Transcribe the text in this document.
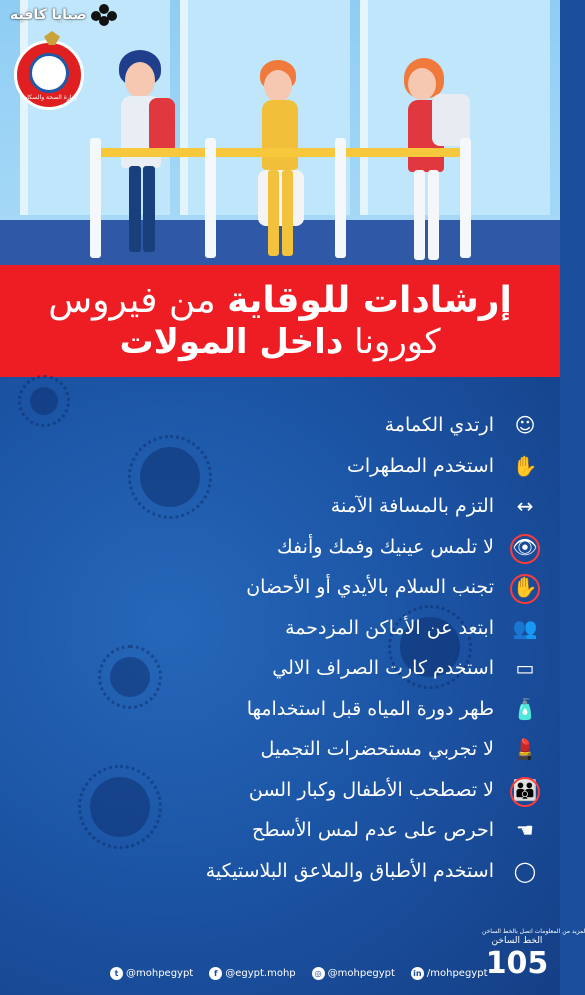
صبايا كافيه
وزارة الصحة والسكان
إرشادات للوقاية من فيروس
كورونا داخل المولات
☺
ارتدي الكمامة
✋
استخدم المطهرات
↔
التزم بالمسافة الآمنة
👁
لا تلمس عينيك وفمك وأنفك
✋
تجنب السلام بالأيدي أو الأحضان
👥
ابتعد عن الأماكن المزدحمة
▭
استخدم كارت الصراف الالي
🧴
طهر دورة المياه قبل استخدامها
💄
لا تجربي مستحضرات التجميل
👪
لا تصطحب الأطفال وكبار السن
☚
احرص على عدم لمس الأسطح
◯
استخدم الأطباق والملاعق البلاستيكية
t @mohpegypt	f @egypt.mohp	◎ @mohpegypt in /mohpegypt
لمزيد من المعلومات اتصل بالخط الساخن
الخط الساخن
105
